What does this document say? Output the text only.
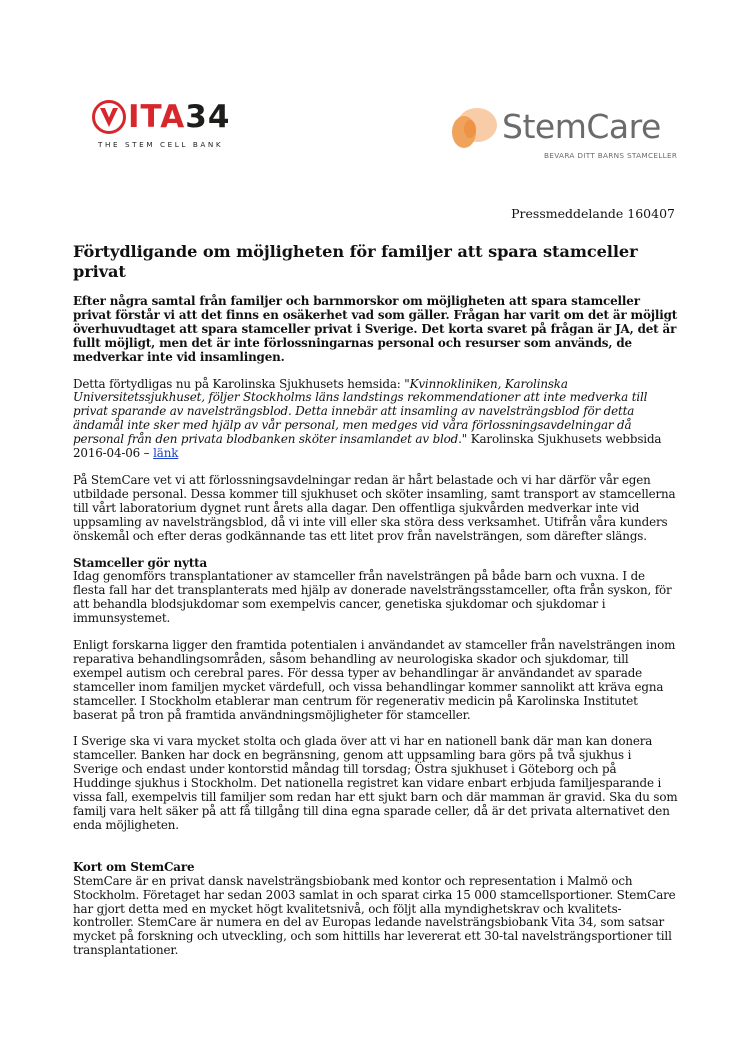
ITA34
THE STEM CELL BANK	StemCare
BEVARA DITT BARNS STAMCELLER
Pressmeddelande 160407
Förtydligande om möjligheten för familjer att spara stamceller privat

Efter några samtal från familjer och barnmorskor om möjligheten att spara stamceller privat förstår vi att det finns en osäkerhet vad som gäller. Frågan har varit om det är möjligt överhuvudtaget att spara stamceller privat i Sverige. Det korta svaret på frågan är JA, det är fullt möjligt, men det är inte förlossningarnas personal och resurser som används, de medverkar inte vid insamlingen.

Detta förtydligas nu på Karolinska Sjukhusets hemsida: "Kvinnokliniken, Karolinska Universitetssjukhuset, följer Stockholms läns landstings rekommendationer att inte medverka till privat sparande av navelsträngsblod. Detta innebär att insamling av navelsträngsblod för detta ändamål inte sker med hjälp av vår personal, men medges vid våra förlossningsavdelningar då personal från den privata blodbanken sköter insamlandet av blod." Karolinska Sjukhusets webbsida 2016-04-06 – länk

På StemCare vet vi att förlossningsavdelningar redan är hårt belastade och vi har därför vår egen utbildade personal. Dessa kommer till sjukhuset och sköter insamling, samt transport av stamcellerna till vårt laboratorium dygnet runt årets alla dagar. Den offentliga sjukvården medverkar inte vid uppsamling av navelsträngsblod, då vi inte vill eller ska störa dess verksamhet. Utifrån våra kunders önskemål och efter deras godkännande tas ett litet prov från navelsträngen, som därefter slängs.

Stamceller gör nytta

Idag genomförs transplantationer av stamceller från navelsträngen på både barn och vuxna. I de flesta fall har det transplanterats med hjälp av donerade navelsträngsstamceller, ofta från syskon, för att behandla blodsjukdomar som exempelvis cancer, genetiska sjukdomar och sjukdomar i immunsystemet.

Enligt forskarna ligger den framtida potentialen i användandet av stamceller från navelsträngen inom reparativa behandlingsområden, såsom behandling av neurologiska skador och sjukdomar, till exempel autism och cerebral pares. För dessa typer av behandlingar är användandet av sparade stamceller inom familjen mycket värdefull, och vissa behandlingar kommer sannolikt att kräva egna stamceller. I Stockholm etablerar man centrum för regenerativ medicin på Karolinska Institutet baserat på tron på framtida användningsmöjligheter för stamceller.

I Sverige ska vi vara mycket stolta och glada över att vi har en nationell bank där man kan donera stamceller. Banken har dock en begränsning, genom att uppsamling bara görs på två sjukhus i Sverige och endast under kontorstid måndag till torsdag; Östra sjukhuset i Göteborg och på Huddinge sjukhus i Stockholm. Det nationella registret kan vidare enbart erbjuda familjesparande i vissa fall, exempelvis till familjer som redan har ett sjukt barn och där mamman är gravid. Ska du som familj vara helt säker på att få tillgång till dina egna sparade celler, då är det privata alternativet den enda möjligheten.

Kort om StemCare

StemCare är en privat dansk navelsträngsbiobank med kontor och representation i Malmö och Stockholm. Företaget har sedan 2003 samlat in och sparat cirka 15 000 stamcellsportioner. StemCare har gjort detta med en mycket högt kvalitetsnivå, och följt alla myndighetskrav och kvalitets-kontroller. StemCare är numera en del av Europas ledande navelsträngsbiobank Vita 34, som satsar mycket på forskning och utveckling, och som hittills har levererat ett 30-tal navelsträngsportioner till transplantationer.
